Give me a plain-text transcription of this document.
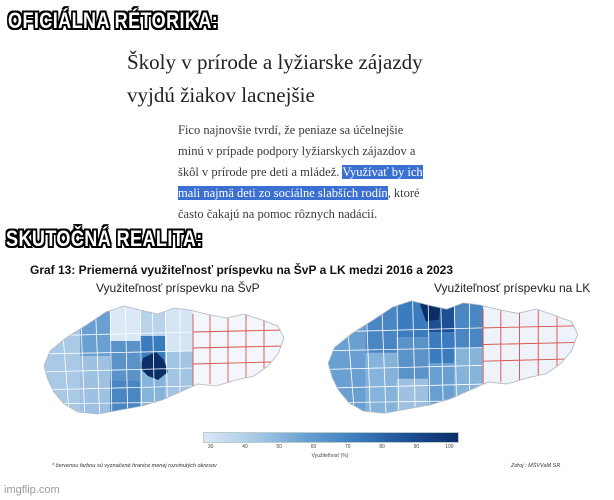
OFICIÁLNA RÉTORIKA:
Školy v prírode a lyžiarske zájazdy
vyjdú žiakov lacnejšie
Fico najnovšie tvrdí, že peniaze sa účelnejšie
minú v prípade podpory lyžiarskych zájazdov a
škôl v prírode pre deti a mládež. Využívať by ich
mali najmä deti zo sociálne slabších rodín, ktoré
často čakajú na pomoc rôznych nadácií.
SKUTOČNÁ REALITA:
Graf 13: Priemerná využiteľnosť príspevku na ŠvP a LK medzi 2016 a 2023
Využiteľnosť príspevku na ŠvP	Využiteľnosť príspevku na LK
30	40	50	60	70	80	90	100
Využiteľnosť (%)
* červenou farbou sú vyznačené hranice menej rozvinutých okresov	Zdroj : MŠVVaM SR
imgflip.com
